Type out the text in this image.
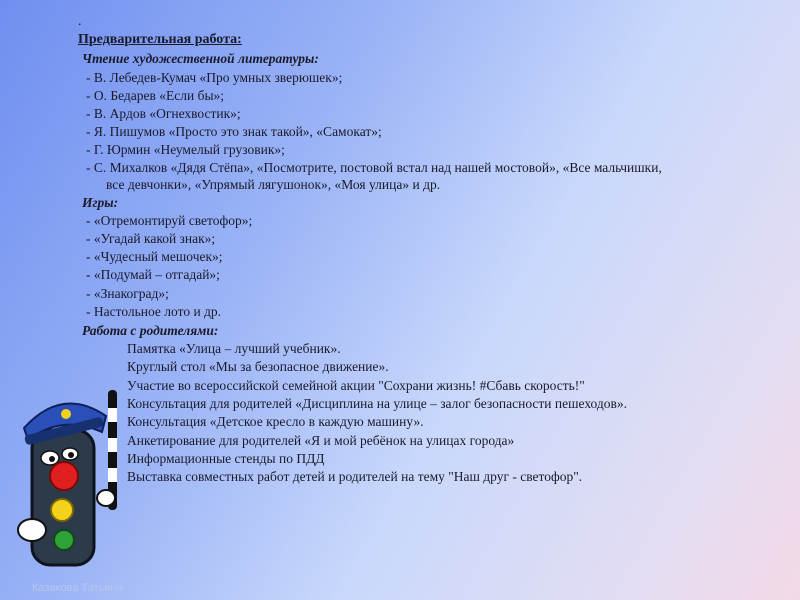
.
Предварительная работа:
Чтение художественной литературы:
- В. Лебедев-Кумач «Про умных зверюшек»;
- О. Бедарев «Если бы»;
- В. Ардов «Огнехвостик»;
- Я. Пишумов «Просто это знак такой», «Самокат»;
- Г. Юрмин «Неумелый грузовик»;
- С. Михалков «Дядя Стёпа», «Посмотрите, постовой встал над нашей мостовой», «Все мальчишки,
все девчонки», «Упрямый лягушонок», «Моя улица» и др.
Игры:
- «Отремонтируй светофор»;
- «Угадай какой знак»;
- «Чудесный мешочек»;
- «Подумай – отгадай»;
- «Знакоград»;
- Настольное лото и др.
Работа с родителями:
Памятка «Улица – лучший учебник».
Круглый стол «Мы за безопасное движение».
Участие во всероссийской семейной акции "Сохрани жизнь! #Сбавь скорость!"
Консультация для родителей «Дисциплина на улице – залог безопасности пешеходов».
Консультация «Детское кресло в каждую машину».
Анкетирование для родителей «Я и мой ребёнок на улицах города»
Информационные стенды по ПДД
Выставка совместных работ детей и родителей на тему "Наш друг - светофор".
Казакова Татьяна
